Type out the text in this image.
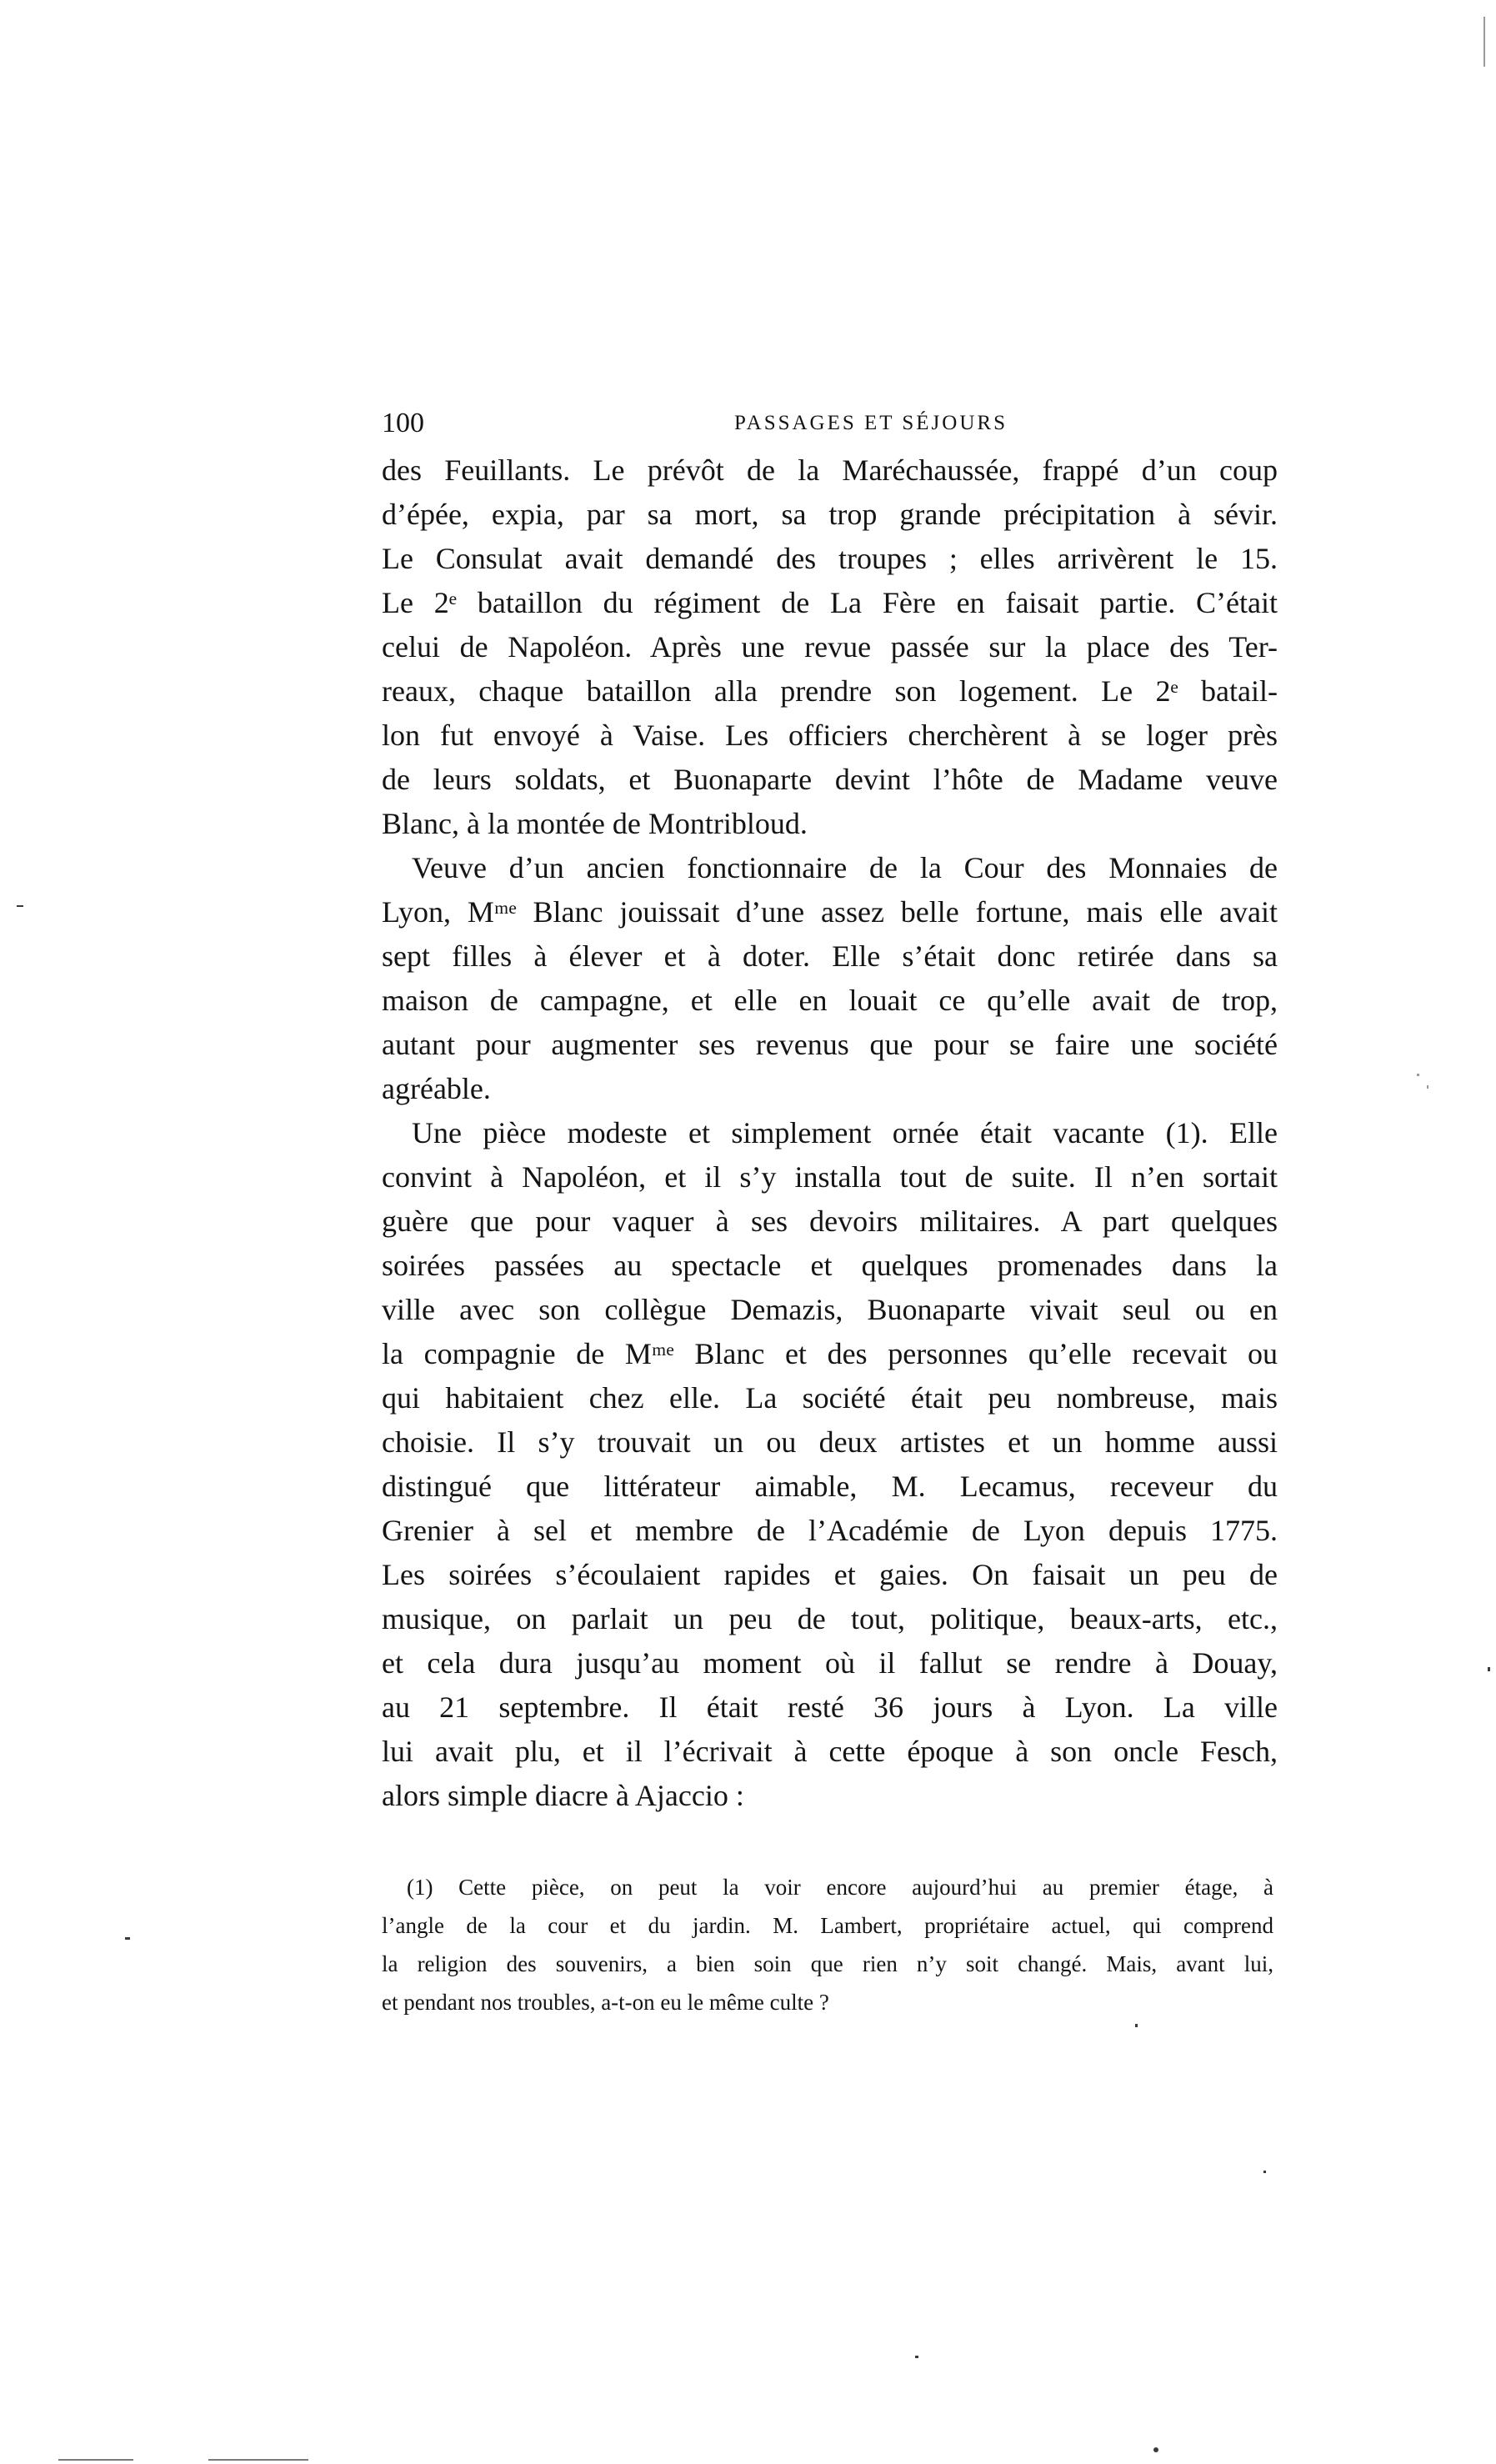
100	PASSAGES ET SÉJOURS
des Feuillants. Le prévôt de la Maréchaussée, frappé d’un coup
d’épée, expia, par sa mort, sa trop grande précipitation à sévir.
Le Consulat avait demandé des troupes ; elles arrivèrent le 15.
Le 2ᵉ bataillon du régiment de La Fère en faisait partie. C’était
celui de Napoléon. Après une revue passée sur la place des Ter-
reaux, chaque bataillon alla prendre son logement. Le 2ᵉ batail-
lon fut envoyé à Vaise. Les officiers cherchèrent à se loger près
de leurs soldats, et Buonaparte devint l’hôte de Madame veuve
Blanc, à la montée de Montribloud.
Veuve d’un ancien fonctionnaire de la Cour des Monnaies de
Lyon, Mᵐᵉ Blanc jouissait d’une assez belle fortune, mais elle avait
sept filles à élever et à doter. Elle s’était donc retirée dans sa
maison de campagne, et elle en louait ce qu’elle avait de trop,
autant pour augmenter ses revenus que pour se faire une société
agréable.
Une pièce modeste et simplement ornée était vacante (1). Elle
convint à Napoléon, et il s’y installa tout de suite. Il n’en sortait
guère que pour vaquer à ses devoirs militaires. A part quelques
soirées passées au spectacle et quelques promenades dans la
ville avec son collègue Demazis, Buonaparte vivait seul ou en
la compagnie de Mᵐᵉ Blanc et des personnes qu’elle recevait ou
qui habitaient chez elle. La société était peu nombreuse, mais
choisie. Il s’y trouvait un ou deux artistes et un homme aussi
distingué que littérateur aimable, M. Lecamus, receveur du
Grenier à sel et membre de l’Académie de Lyon depuis 1775.
Les soirées s’écoulaient rapides et gaies. On faisait un peu de
musique, on parlait un peu de tout, politique, beaux-arts, etc.,
et cela dura jusqu’au moment où il fallut se rendre à Douay,
au 21 septembre. Il était resté 36 jours à Lyon. La ville
lui avait plu, et il l’écrivait à cette époque à son oncle Fesch,
alors simple diacre à Ajaccio :
(1) Cette pièce, on peut la voir encore aujourd’hui au premier étage, à
l’angle de la cour et du jardin. M. Lambert, propriétaire actuel, qui comprend
la religion des souvenirs, a bien soin que rien n’y soit changé. Mais, avant lui,
et pendant nos troubles, a-t-on eu le même culte ?
